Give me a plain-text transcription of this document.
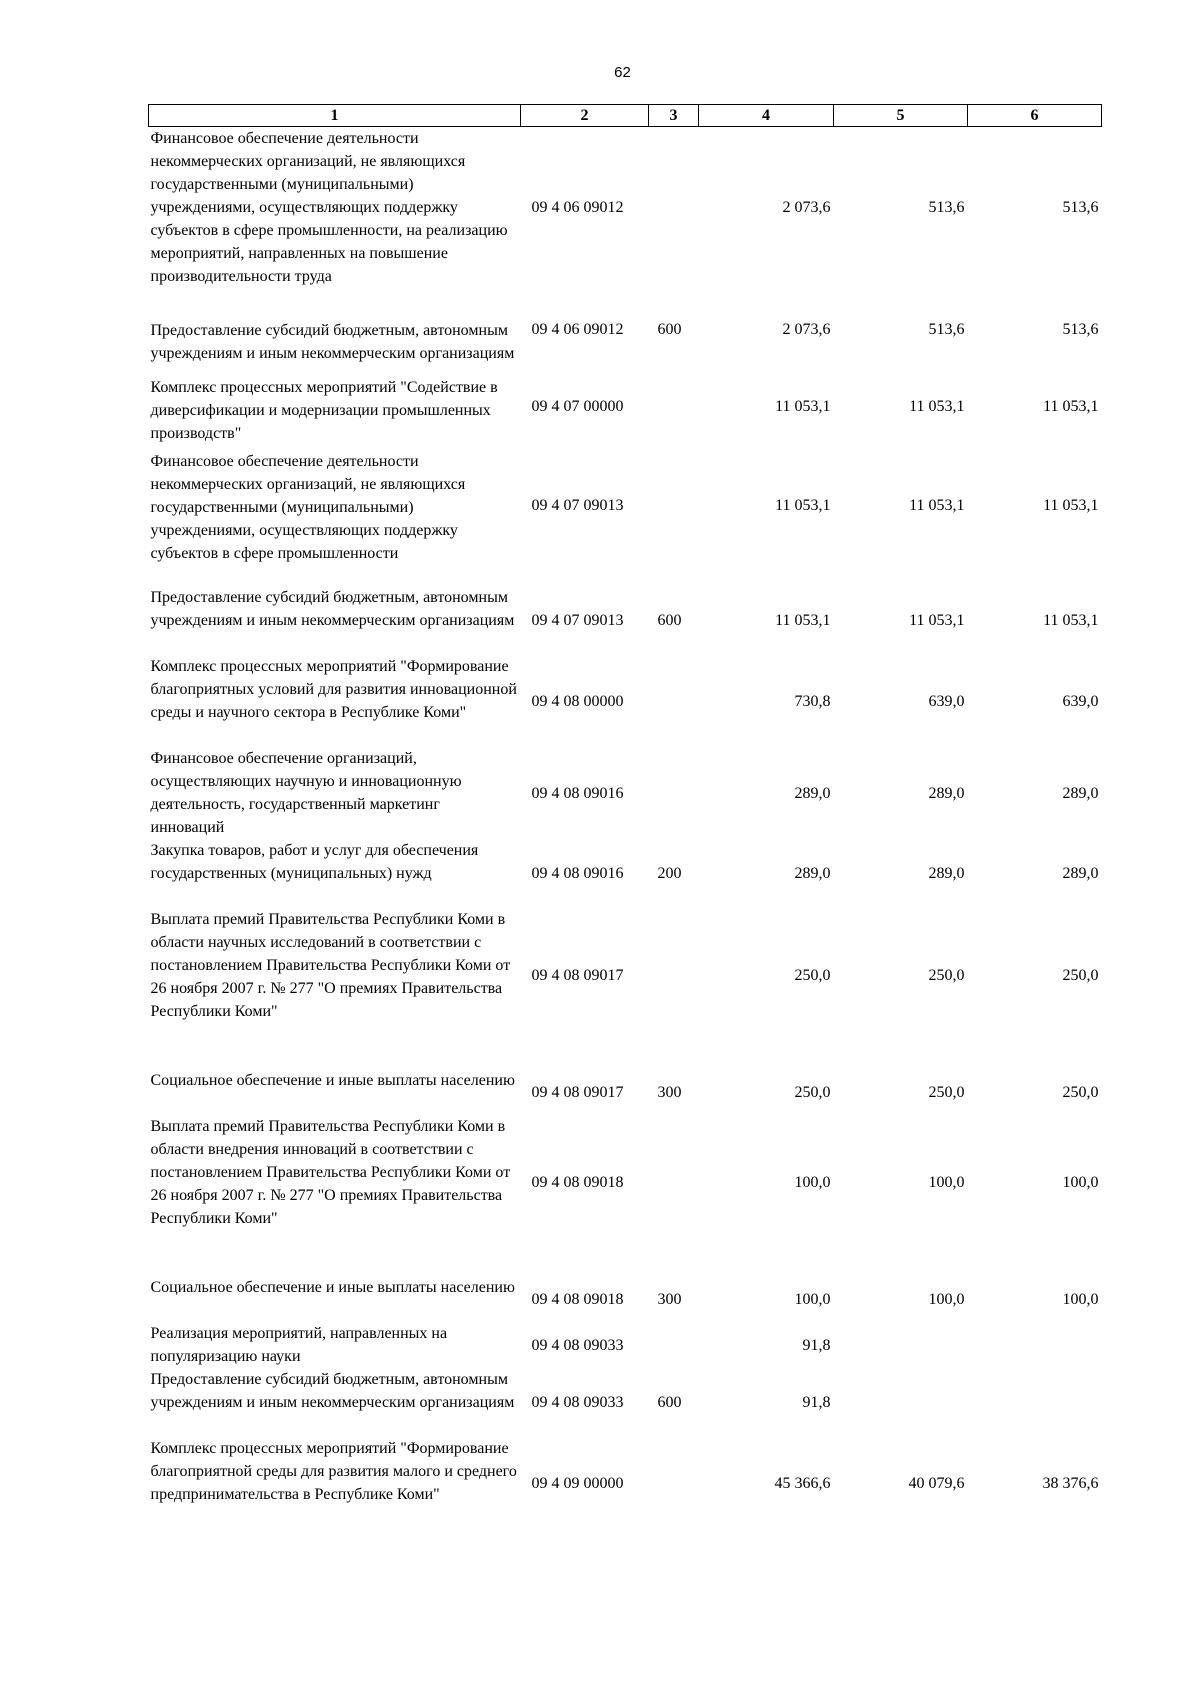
62
1	2	3	4	5	6
Финансовое обеспечение деятельности некоммерческих организаций, не являющихся государственными (муниципальными) учреждениями, осуществляющих поддержку субъектов в сфере промышленности, на реализацию мероприятий, направленных на повышение производительности труда	09 4 06 09012		2 073,6	513,6	513,6
Предоставление субсидий бюджетным, автономным учреждениям и иным некоммерческим организациям	09 4 06 09012	600	2 073,6	513,6	513,6
Комплекс процессных мероприятий "Содействие в диверсификации и модернизации промышленных производств"	09 4 07 00000		11 053,1	11 053,1	11 053,1
Финансовое обеспечение деятельности некоммерческих организаций, не являющихся государственными (муниципальными) учреждениями, осуществляющих поддержку субъектов в сфере промышленности	09 4 07 09013		11 053,1	11 053,1	11 053,1
Предоставление субсидий бюджетным, автономным учреждениям и иным некоммерческим организациям	09 4 07 09013	600	11 053,1	11 053,1	11 053,1
Комплекс процессных мероприятий "Формирование благоприятных условий для развития инновационной среды и научного сектора в Республике Коми"	09 4 08 00000		730,8	639,0	639,0
Финансовое обеспечение организаций, осуществляющих научную и инновационную деятельность, государственный маркетинг инноваций	09 4 08 09016		289,0	289,0	289,0
Закупка товаров, работ и услуг для обеспечения государственных (муниципальных) нужд	09 4 08 09016	200	289,0	289,0	289,0
Выплата премий Правительства Республики Коми в области научных исследований в соответствии с постановлением Правительства Республики Коми от 26 ноября 2007 г. № 277 "О премиях Правительства Республики Коми"	09 4 08 09017		250,0	250,0	250,0
Социальное обеспечение и иные выплаты населению	09 4 08 09017	300	250,0	250,0	250,0
Выплата премий Правительства Республики Коми в области внедрения инноваций в соответствии с постановлением Правительства Республики Коми от 26 ноября 2007 г. № 277 "О премиях Правительства Республики Коми"	09 4 08 09018		100,0	100,0	100,0
Социальное обеспечение и иные выплаты населению	09 4 08 09018	300	100,0	100,0	100,0
Реализация мероприятий, направленных на популяризацию науки	09 4 08 09033		91,8		
Предоставление субсидий бюджетным, автономным учреждениям и иным некоммерческим организациям	09 4 08 09033	600	91,8		
Комплекс процессных мероприятий "Формирование благоприятной среды для развития малого и среднего предпринимательства в Республике Коми"	09 4 09 00000		45 366,6	40 079,6	38 376,6
